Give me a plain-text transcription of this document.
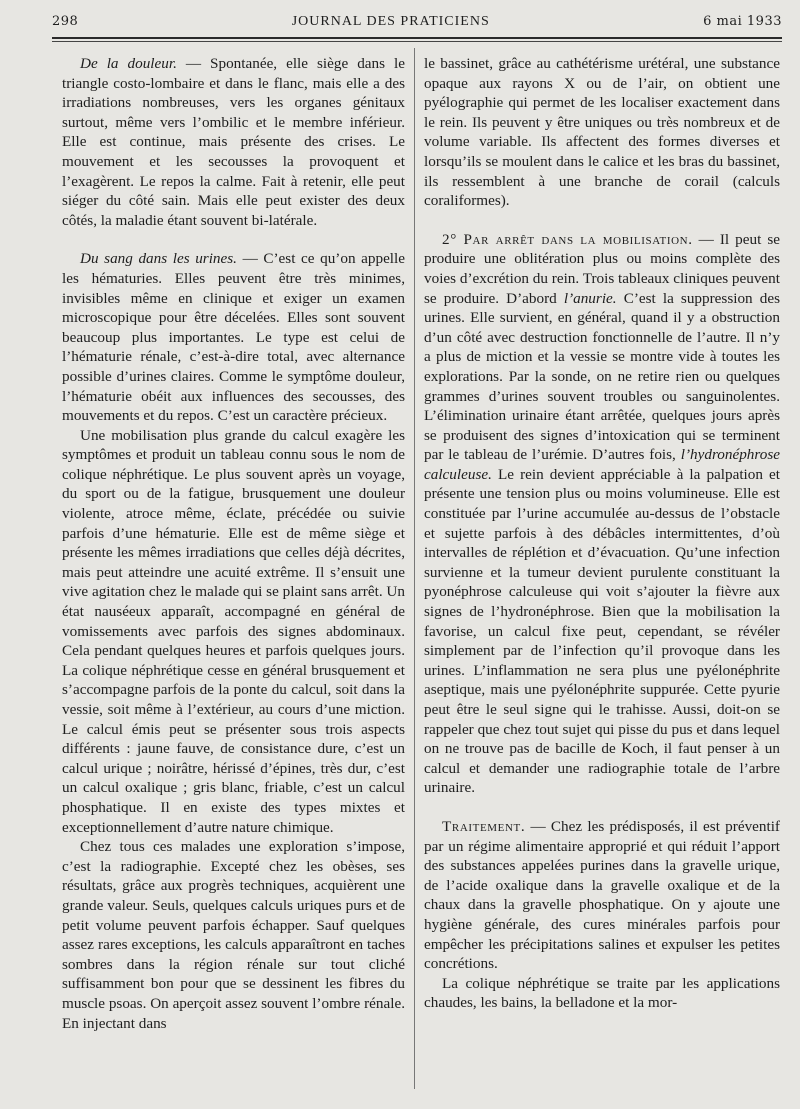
298	JOURNAL DES PRATICIENS	6 mai 1933

De la douleur. — Spontanée, elle siège dans le triangle costo-lombaire et dans le flanc, mais elle a des irradiations nombreuses, vers les organes génitaux surtout, même vers l’ombilic et le membre inférieur. Elle est continue, mais présente des crises. Le mouvement et les secousses la provoquent et l’exagèrent. Le repos la calme. Fait à retenir, elle peut siéger du côté sain. Mais elle peut exister des deux côtés, la maladie étant souvent bi-latérale.

Du sang dans les urines. — C’est ce qu’on appelle les hématuries. Elles peuvent être très minimes, invisibles même en clinique et exiger un examen microscopique pour être décelées. Elles sont souvent beaucoup plus importantes. Le type est celui de l’hématurie rénale, c’est-à-dire total, avec alternance possible d’urines claires. Comme le symptôme douleur, l’hématurie obéit aux influences des secousses, des mouvements et du repos. C’est un caractère précieux.

Une mobilisation plus grande du calcul exagère les symptômes et produit un tableau connu sous le nom de colique néphrétique. Le plus souvent après un voyage, du sport ou de la fatigue, brusquement une douleur violente, atroce même, éclate, précédée ou suivie parfois d’une hématurie. Elle est de même siège et présente les mêmes irradiations que celles déjà décrites, mais peut atteindre une acuité extrême. Il s’ensuit une vive agitation chez le malade qui se plaint sans arrêt. Un état nauséeux apparaît, accompagné en général de vomissements avec parfois des signes abdominaux. Cela pendant quelques heures et parfois quelques jours. La colique néphrétique cesse en général brusquement et s’accompagne parfois de la ponte du calcul, soit dans la vessie, soit même à l’extérieur, au cours d’une miction. Le calcul émis peut se présenter sous trois aspects différents : jaune fauve, de consistance dure, c’est un calcul urique ; noirâtre, hérissé d’épines, très dur, c’est un calcul oxalique ; gris blanc, friable, c’est un calcul phosphatique. Il en existe des types mixtes et exceptionnellement d’autre nature chimique.

Chez tous ces malades une exploration s’impose, c’est la radiographie. Excepté chez les obèses, ses résultats, grâce aux progrès techniques, acquièrent une grande valeur. Seuls, quelques calculs uriques purs et de petit volume peuvent parfois échapper. Sauf quelques assez rares exceptions, les calculs apparaîtront en taches sombres dans la région rénale sur tout cliché suffisamment bon pour que se dessinent les fibres du muscle psoas. On aperçoit assez souvent l’ombre rénale. En injectant dans

le bassinet, grâce au cathétérisme urétéral, une substance opaque aux rayons X ou de l’air, on obtient une pyélographie qui permet de les localiser exactement dans le rein. Ils peuvent y être uniques ou très nombreux et de volume variable. Ils affectent des formes diverses et lorsqu’ils se moulent dans le calice et les bras du bassinet, ils ressemblent à une branche de corail (calculs coraliformes).

2° Par arrêt dans la mobilisation. — Il peut se produire une oblitération plus ou moins complète des voies d’excrétion du rein. Trois tableaux cliniques peuvent se produire. D’abord l’anurie. C’est la suppression des urines. Elle survient, en général, quand il y a obstruction d’un côté avec destruction fonctionnelle de l’autre. Il n’y a plus de miction et la vessie se montre vide à toutes les explorations. Par la sonde, on ne retire rien ou quelques grammes d’urines souvent troubles ou sanguinolentes. L’élimination urinaire étant arrêtée, quelques jours après se produisent des signes d’intoxication qui se terminent par le tableau de l’urémie. D’autres fois, l’hydronéphrose calculeuse. Le rein devient appréciable à la palpation et présente une tension plus ou moins volumineuse. Elle est constituée par l’urine accumulée au-dessus de l’obstacle et sujette parfois à des débâcles intermittentes, d’où intervalles de réplétion et d’évacuation. Qu’une infection survienne et la tumeur devient purulente constituant la pyonéphrose calculeuse qui voit s’ajouter la fièvre aux signes de l’hydronéphrose. Bien que la mobilisation la favorise, un calcul fixe peut, cependant, se révéler simplement par de l’infection qu’il provoque dans les urines. L’inflammation ne sera plus une pyélonéphrite aseptique, mais une pyélonéphrite suppurée. Cette pyurie peut être le seul signe qui le trahisse. Aussi, doit-on se rappeler que chez tout sujet qui pisse du pus et dans lequel on ne trouve pas de bacille de Koch, il faut penser à un calcul et demander une radiographie totale de l’arbre urinaire.

Traitement. — Chez les prédisposés, il est préventif par un régime alimentaire approprié et qui réduit l’apport des substances appelées purines dans la gravelle urique, de l’acide oxalique dans la gravelle oxalique et de la chaux dans la gravelle phosphatique. On y ajoute une hygiène générale, des cures minérales parfois pour empêcher les précipitations salines et expulser les petites concrétions.

La colique néphrétique se traite par les applications chaudes, les bains, la belladone et la mor-
